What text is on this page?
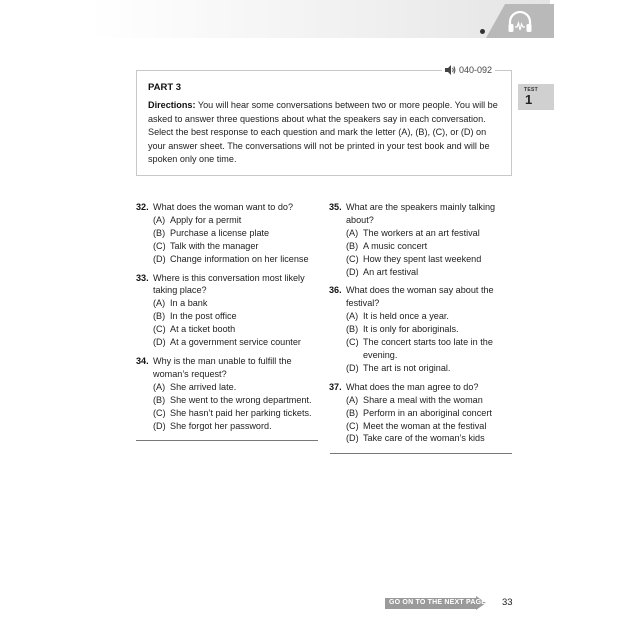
TEST
1
040-092
PART 3

Directions: You will hear some conversations between two or more people. You will be asked to answer three questions about what the speakers say in each conversation. Select the best response to each question and mark the letter (A), (B), (C), or (D) on your answer sheet. The conversations will not be printed in your test book and will be spoken only one time.

32. What does the woman want to do?
(A) Apply for a permit
(B) Purchase a license plate
(C) Talk with the manager
(D) Change information on her license
33. Where is this conversation most likely taking place?
(A) In a bank
(B) In the post office
(C) At a ticket booth
(D) At a government service counter
34. Why is the man unable to fulfill the woman’s request?
(A) She arrived late.
(B) She went to the wrong department.
(C) She hasn’t paid her parking tickets.
(D) She forgot her password.
35. What are the speakers mainly talking about?
(A) The workers at an art festival
(B) A music concert
(C) How they spent last weekend
(D) An art festival
36. What does the woman say about the festival?
(A) It is held once a year.
(B) It is only for aboriginals.
(C) The concert starts too late in the evening.
(D) The art is not original.
37. What does the man agree to do?
(A) Share a meal with the woman
(B) Perform in an aboriginal concert
(C) Meet the woman at the festival
(D) Take care of the woman’s kids
GO ON TO THE NEXT PAGE 33
